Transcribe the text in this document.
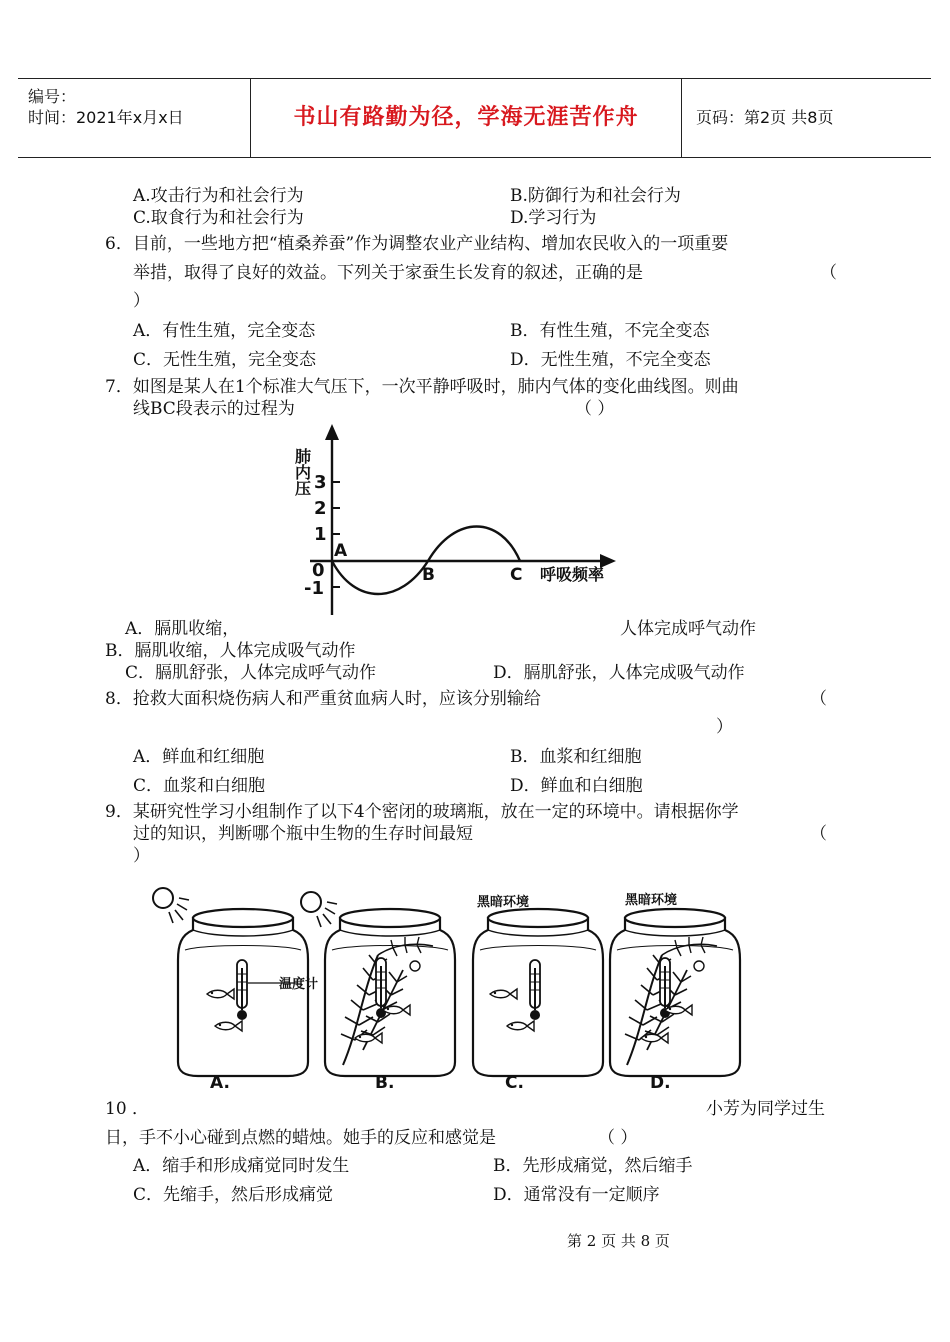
编号：
时间：2021年x月x日	书山有路勤为径，学海无涯苦作舟	页码：第2页 共8页
A.攻击行为和社会行为	B.防御行为和社会行为
C.取食行为和社会行为	D.学习行为
6．目前，一些地方把“植桑养蚕”作为调整农业产业结构、增加农民收入的一项重要
举措，取得了良好的效益。下列关于家蚕生长发育的叙述，正确的是	（
）
A．有性生殖，完全变态	B．有性生殖，不完全变态
C．无性生殖，完全变态	D．无性生殖，不完全变态
7．如图是某人在1个标准大气压下，一次平静呼吸时，肺内气体的变化曲线图。则曲
线BC段表示的过程为	（ ）
肺内压 3
2
1
0
-1
A
B	C 呼吸频率
A．膈肌收缩，	人体完成呼气动作
B．膈肌收缩，人体完成吸气动作
C．膈肌舒张，人体完成呼气动作	D．膈肌舒张，人体完成吸气动作
8．抢救大面积烧伤病人和严重贫血病人时，应该分别输给	（
）
A．鲜血和红细胞	B．血浆和红细胞
C．血浆和白细胞	D．鲜血和白细胞
9．某研究性学习小组制作了以下4个密闭的玻璃瓶，放在一定的环境中。请根据你学
过的知识，判断哪个瓶中生物的生存时间最短	（
）
A.
温度计
B.
黑暗环境
C.
黑暗环境
D.
10 ．	小芳为同学过生
日，手不小心碰到点燃的蜡烛。她手的反应和感觉是	（ ）
A．缩手和形成痛觉同时发生	B．先形成痛觉，然后缩手
C．先缩手，然后形成痛觉	D．通常没有一定顺序
第 2 页 共 8 页
